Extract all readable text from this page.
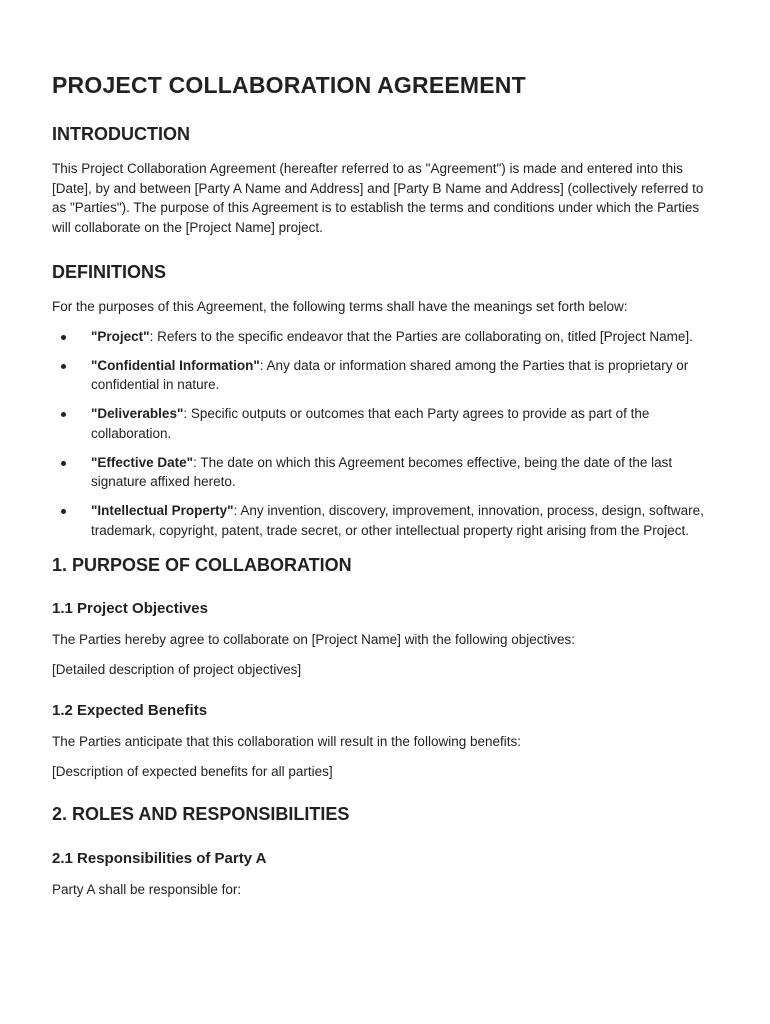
PROJECT COLLABORATION AGREEMENT
INTRODUCTION

This Project Collaboration Agreement (hereafter referred to as "Agreement") is made and entered into this [Date], by and between [Party A Name and Address] and [Party B Name and Address] (collectively referred to as "Parties"). The purpose of this Agreement is to establish the terms and conditions under which the Parties will collaborate on the [Project Name] project.

DEFINITIONS

For the purposes of this Agreement, the following terms shall have the meanings set forth below:

"Project": Refers to the specific endeavor that the Parties are collaborating on, titled [Project Name].
"Confidential Information": Any data or information shared among the Parties that is proprietary or confidential in nature.
"Deliverables": Specific outputs or outcomes that each Party agrees to provide as part of the collaboration.
"Effective Date": The date on which this Agreement becomes effective, being the date of the last signature affixed hereto.
"Intellectual Property": Any invention, discovery, improvement, innovation, process, design, software, trademark, copyright, patent, trade secret, or other intellectual property right arising from the Project.
1. PURPOSE OF COLLABORATION
1.1 Project Objectives

The Parties hereby agree to collaborate on [Project Name] with the following objectives:

[Detailed description of project objectives]

1.2 Expected Benefits

The Parties anticipate that this collaboration will result in the following benefits:

[Description of expected benefits for all parties]

2. ROLES AND RESPONSIBILITIES
2.1 Responsibilities of Party A

Party A shall be responsible for:
